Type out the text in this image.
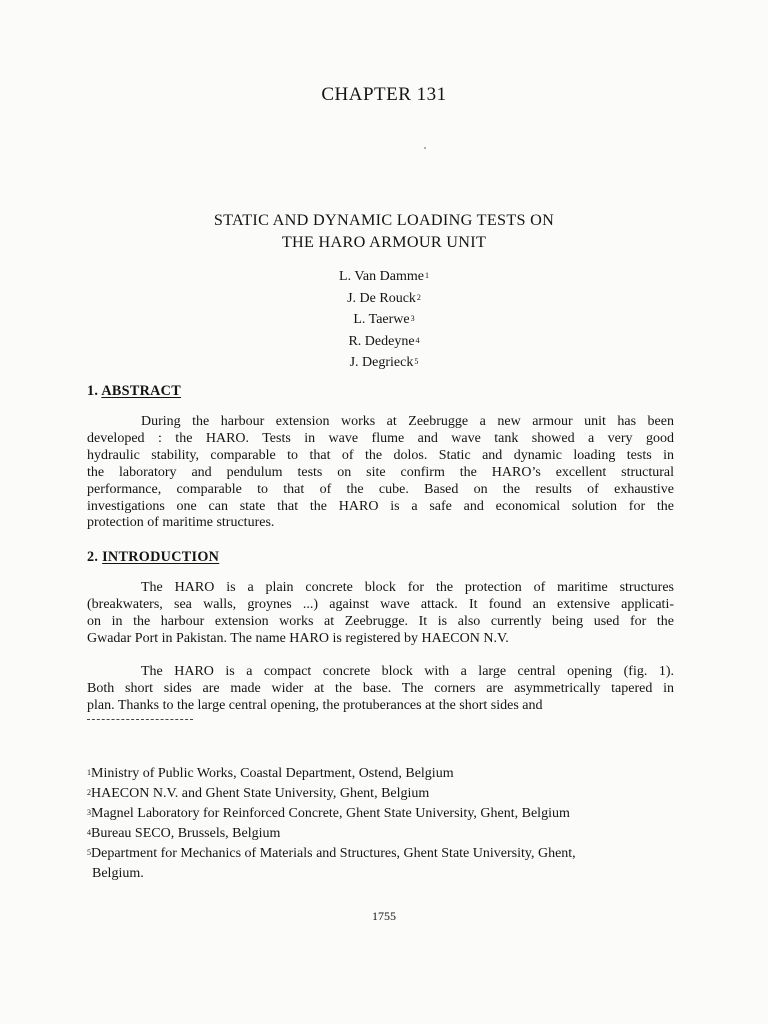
CHAPTER 131
STATIC AND DYNAMIC LOADING TESTS ON
THE HARO ARMOUR UNIT
L. Van Damme$^1$
J. De Rouck$^2$
L. Taerwe$^3$
R. Dedeyne$^4$
J. Degrieck$^5$
1. ABSTRACT
During the harbour extension works at Zeebrugge a new armour unit has been
developed : the HARO. Tests in wave flume and wave tank showed a very good
hydraulic stability, comparable to that of the dolos. Static and dynamic loading tests in
the laboratory and pendulum tests on site confirm the HARO’s excellent structural
performance, comparable to that of the cube. Based on the results of exhaustive
investigations one can state that the HARO is a safe and economical solution for the
protection of maritime structures.
2. INTRODUCTION
The HARO is a plain concrete block for the protection of maritime structures
(breakwaters, sea walls, groynes ...) against wave attack. It found an extensive applicati-
on in the harbour extension works at Zeebrugge. It is also currently being used for the
Gwadar Port in Pakistan. The name HARO is registered by HAECON N.V.
The HARO is a compact concrete block with a large central opening (fig. 1).
Both short sides are made wider at the base. The corners are asymmetrically tapered in
plan. Thanks to the large central opening, the protuberances at the short sides and
$^1$Ministry of Public Works, Coastal Department, Ostend, Belgium
$^2$HAECON N.V. and Ghent State University, Ghent, Belgium
$^3$Magnel Laboratory for Reinforced Concrete, Ghent State University, Ghent, Belgium
$^4$Bureau SECO, Brussels, Belgium
$^5$Department for Mechanics of Materials and Structures, Ghent State University, Ghent,
Belgium.
1755
